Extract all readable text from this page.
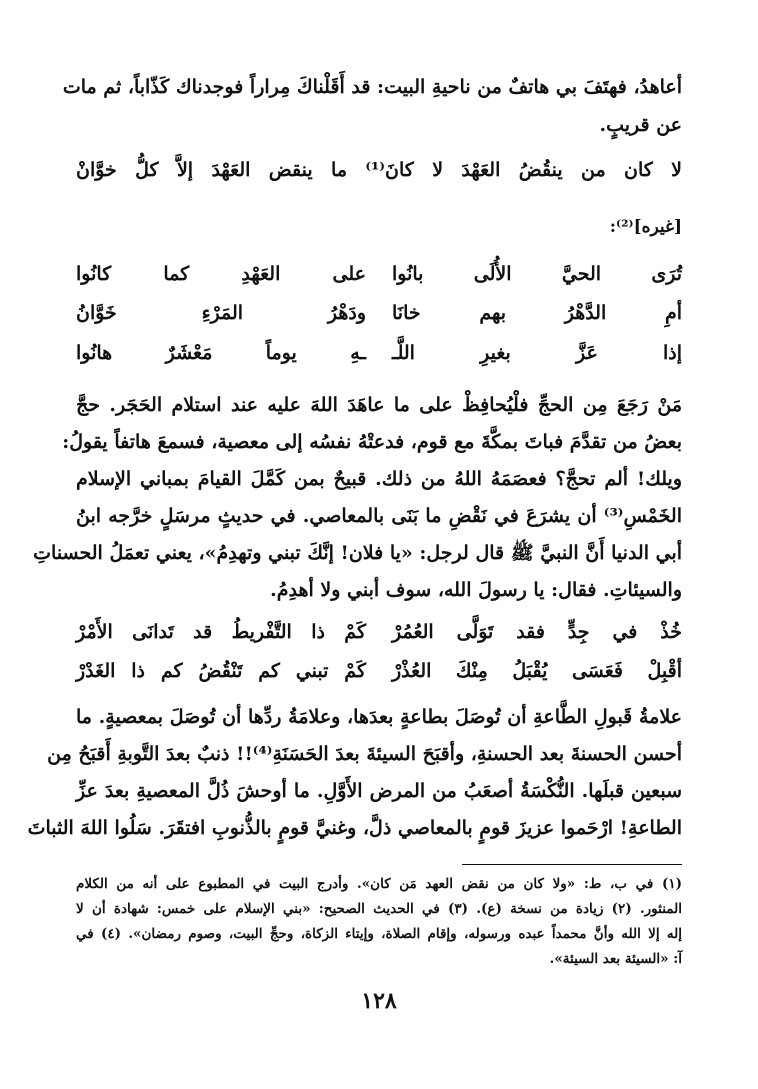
أعاهدُ، فهتَفَ بي هاتفٌ من ناحيةِ البيت: قد أَقَلْناكَ مِراراً فوجدناك كَذّاباً، ثم مات
عن قريبٍ.
لا كان من ينقُضُ العَهْدَ لا كانَ⁽¹⁾ ما ينقض العَهْدَ إلاَّ كلُّ خوَّانْ
[غيره]⁽²⁾:
تُرَى الحيَّ الأُلَى بانُوا
على العَهْدِ كما كانُوا
أمِ الدَّهْرُ بهم خانَا
ودَهْرُ المَرْءِ خَوَّانُ
إذا عَزَّ بغيرِ اللَّـ
ـهِ يوماً مَعْشَرٌ هانُوا
مَنْ رَجَعَ مِن الحجِّ فلْيُحافِظْ على ما عاهَدَ اللهَ عليه عند استلام الحَجَر. حجَّ
بعضُ من تقدَّمَ فباتَ بمكَّةَ مع قوم، فدعتْهُ نفسُه إلى معصية، فسمعَ هاتفاً يقولُ:
ويلك! ألم تحجَّ؟ فعصَمَهُ اللهُ من ذلك. قبيحٌ بمن كَمَّلَ القيامَ بمباني الإسلام
الخَمْسِ⁽³⁾ أن يشرَعَ في نَقْضِ ما بَنَى بالمعاصي. في حديثٍ مرسَلٍ خرَّجه ابنُ
أبي الدنيا أَنَّ النبيَّ ﷺ قال لرجل: «يا فلان! إنَّكَ تبني وتهدِمُ»، يعني تعمَلُ الحسناتِ
والسيئاتِ. فقال: يا رسولَ الله، سوف أبني ولا أهدِمُ.
خُذْ في جِدٍّ فقد تَوَلَّى العُمُرْ
كَمْ ذا التَّفْريطُ قد تَدانَى الأَمْرْ
أقْبِلْ فَعَسَى يُقْبَلُ مِنْكَ العُذْرْ
كَمْ تبني كم تَنْقُضُ كم ذا الغَدْرْ
علامةُ قَبولِ الطَّاعةِ أن تُوصَلَ بطاعةٍ بعدَها، وعلامَةُ ردِّها أن تُوصَلَ بمعصيةٍ. ما
أحسن الحسنةَ بعد الحسنةِ، وأقبَحَ السيئةَ بعدَ الحَسَنَةِ⁽⁴⁾!! ذنبٌ بعدَ التَّوبةِ أَقبَحُ مِن
سبعين قبلَها. النُّكْسَةُ أصعَبُ من المرض الأَوَّلِ. ما أوحشَ ذُلَّ المعصيةِ بعدَ عزِّ
الطاعةِ! ارْحَموا عزيزَ قومٍ بالمعاصي ذلَّ، وغنيَّ قومٍ بالذُّنوبِ افتقَرَ. سَلُوا اللهَ الثباتَ
(١) في ب، ط: «ولا كان من نقض العهد مَن كان». وأدرج البيت في المطبوع على أنه من الكلام
المنثور. (٢) زيادة من نسخة (ع). (٣) في الحديث الصحيح: «بني الإسلام على خمس: شهادة أن لا
إله إلا الله وأنَّ محمداً عبده ورسوله، وإقام الصلاة، وإيتاء الزكاة، وحجِّ البيت، وصوم رمضان». (٤) في
آ: «السيئة بعد السيئة».
١٢٨
